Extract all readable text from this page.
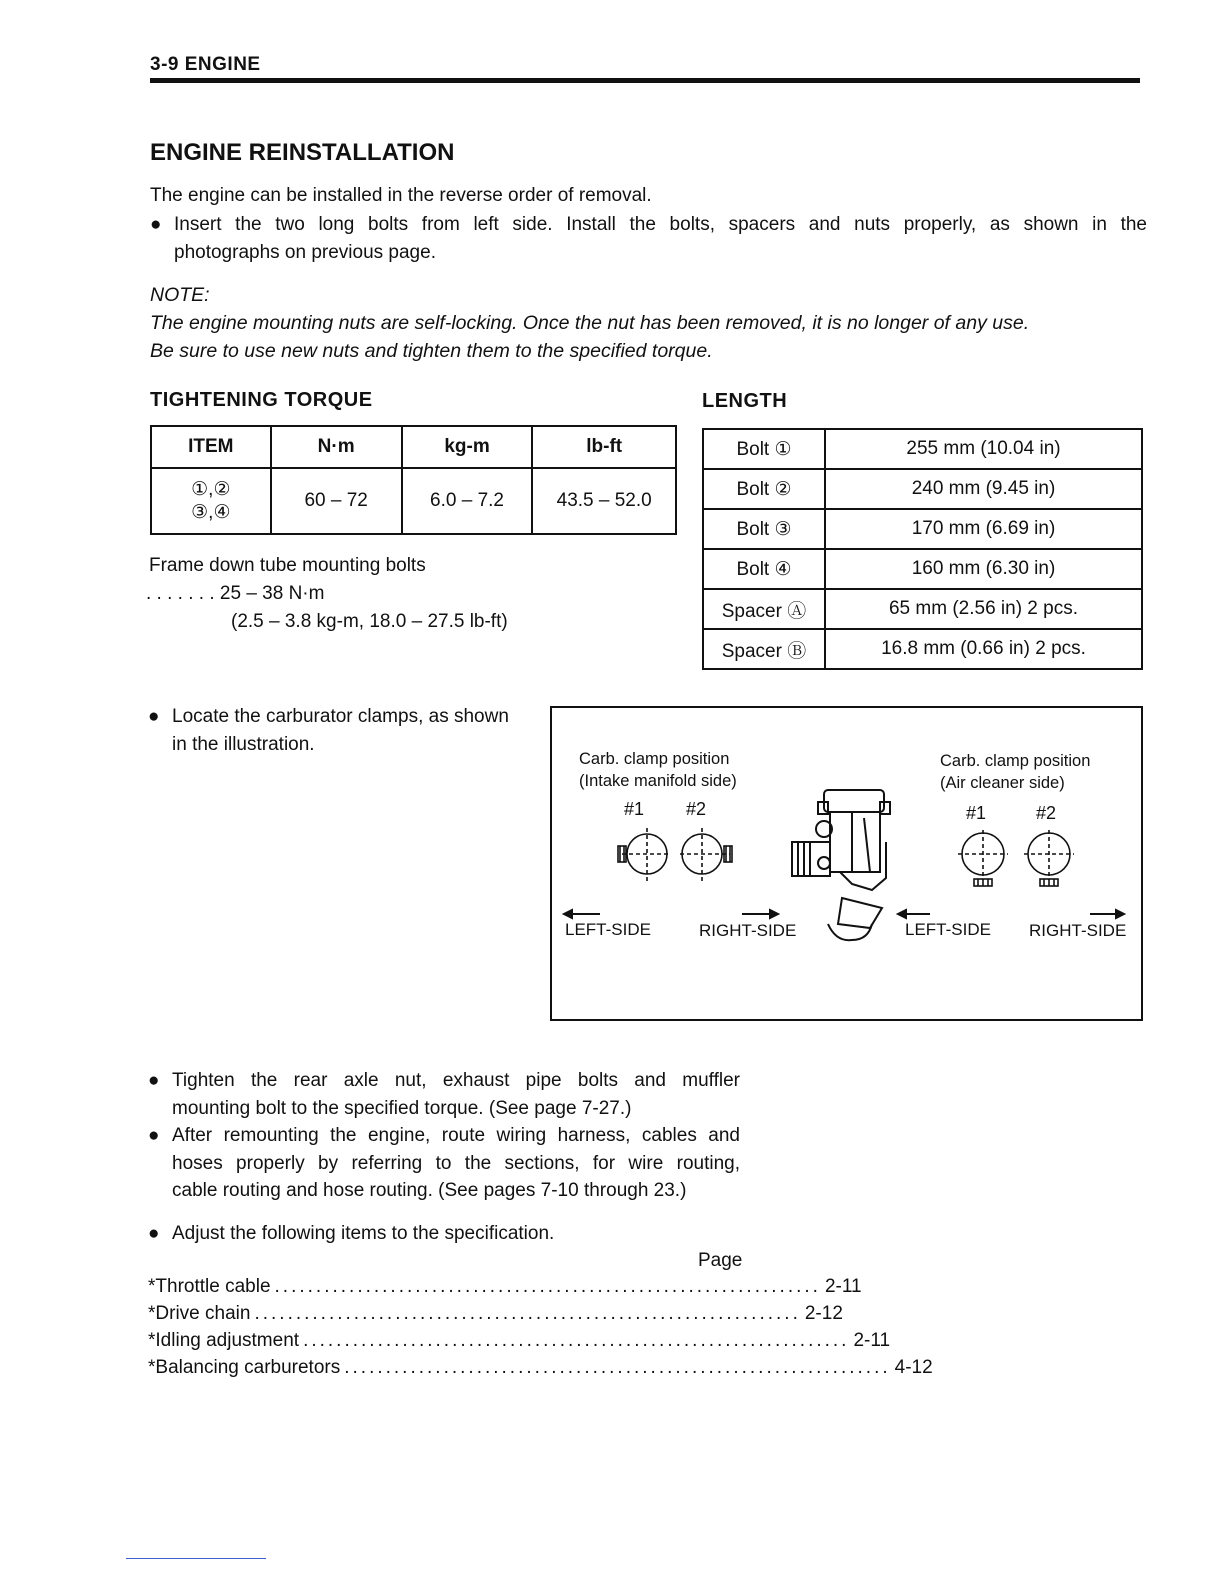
3-9 ENGINE
ENGINE REINSTALLATION
The engine can be installed in the reverse order of removal.
● Insert the two long bolts from left side. Install the bolts, spacers and nuts properly, as shown in the
photographs on previous page.
NOTE:
The engine mounting nuts are self-locking. Once the nut has been removed, it is no longer of any use.
Be sure to use new nuts and tighten them to the specified torque.
TIGHTENING TORQUE
ITEM	N·m	kg-m	lb-ft

①,②
③,④	60 – 72	6.0 – 7.2	43.5 – 52.0
Frame down tube mounting bolts
. . . . . . . 25 – 38 N·m
(2.5 – 3.8 kg-m, 18.0 – 27.5 lb-ft)
LENGTH
Bolt ①	255 mm (10.04 in)
Bolt ②	240 mm (9.45 in)
Bolt ③	170 mm (6.69 in)
Bolt ④	160 mm (6.30 in)
Spacer Ⓐ	65 mm (2.56 in) 2 pcs.
Spacer Ⓑ	16.8 mm (0.66 in) 2 pcs.
● Locate the carburator clamps, as shown
in the illustration.
Carb. clamp position
(Intake manifold side)
#1 #2
Carb. clamp position
(Air cleaner side)
#1	#2
LEFT-SIDE	RIGHT-SIDE	LEFT-SIDE RIGHT-SIDE
● Tighten the rear axle nut, exhaust pipe bolts and muffler
mounting bolt to the specified torque. (See page 7-27.)
● After remounting the engine, route wiring harness, cables and
hoses properly by referring to the sections, for wire routing,
cable routing and hose routing. (See pages 7-10 through 23.)
● Adjust the following items to the specification.
Page
* Throttle cable .................................................................. 2-11
* Drive chain .................................................................. 2-12
* Idling adjustment .................................................................. 2-11
* Balancing carburetors .................................................................. 4-12
